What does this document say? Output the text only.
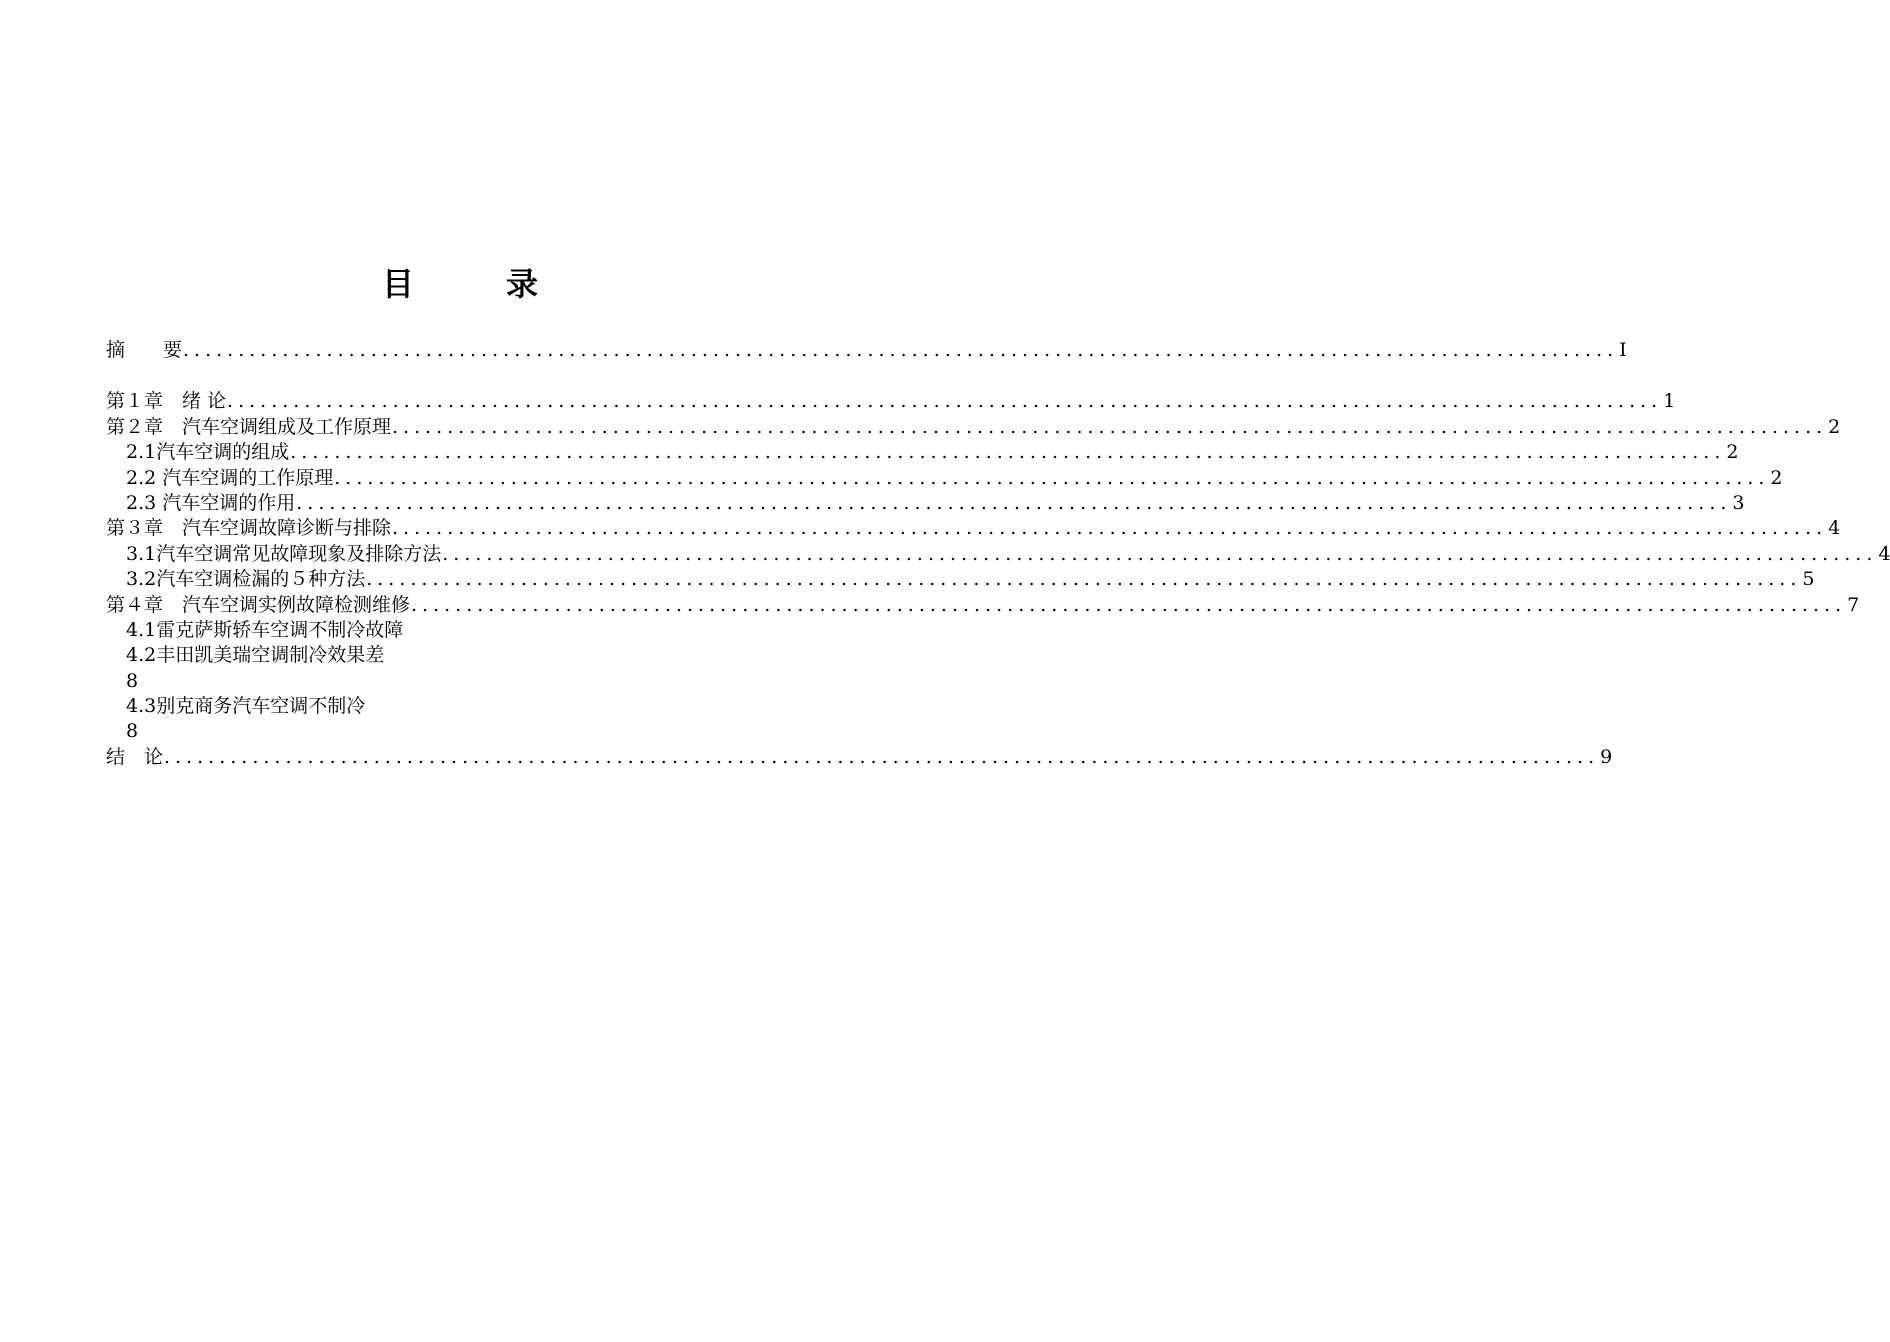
目　录
摘　　要 .................................................................................................................................. I
第１章　绪 论 .................................................................................................................................. 1
第２章　汽车空调组成及工作原理 .................................................................................................................................. 2
2.1汽车空调的组成 .................................................................................................................................. 2
2.2 汽车空调的工作原理 .................................................................................................................................. 2
2.3 汽车空调的作用 .................................................................................................................................. 3
第３章　汽车空调故障诊断与排除 .................................................................................................................................. 4
3.1汽车空调常见故障现象及排除方法 .................................................................................................................................. 4
3.2汽车空调检漏的５种方法 .................................................................................................................................. 5
第４章　汽车空调实例故障检测维修 .................................................................................................................................. 7
4.1雷克萨斯轿车空调不制冷故障
4.2丰田凯美瑞空调制冷效果差
8
4.3别克商务汽车空调不制冷
8
结　论 .................................................................................................................................. 9
